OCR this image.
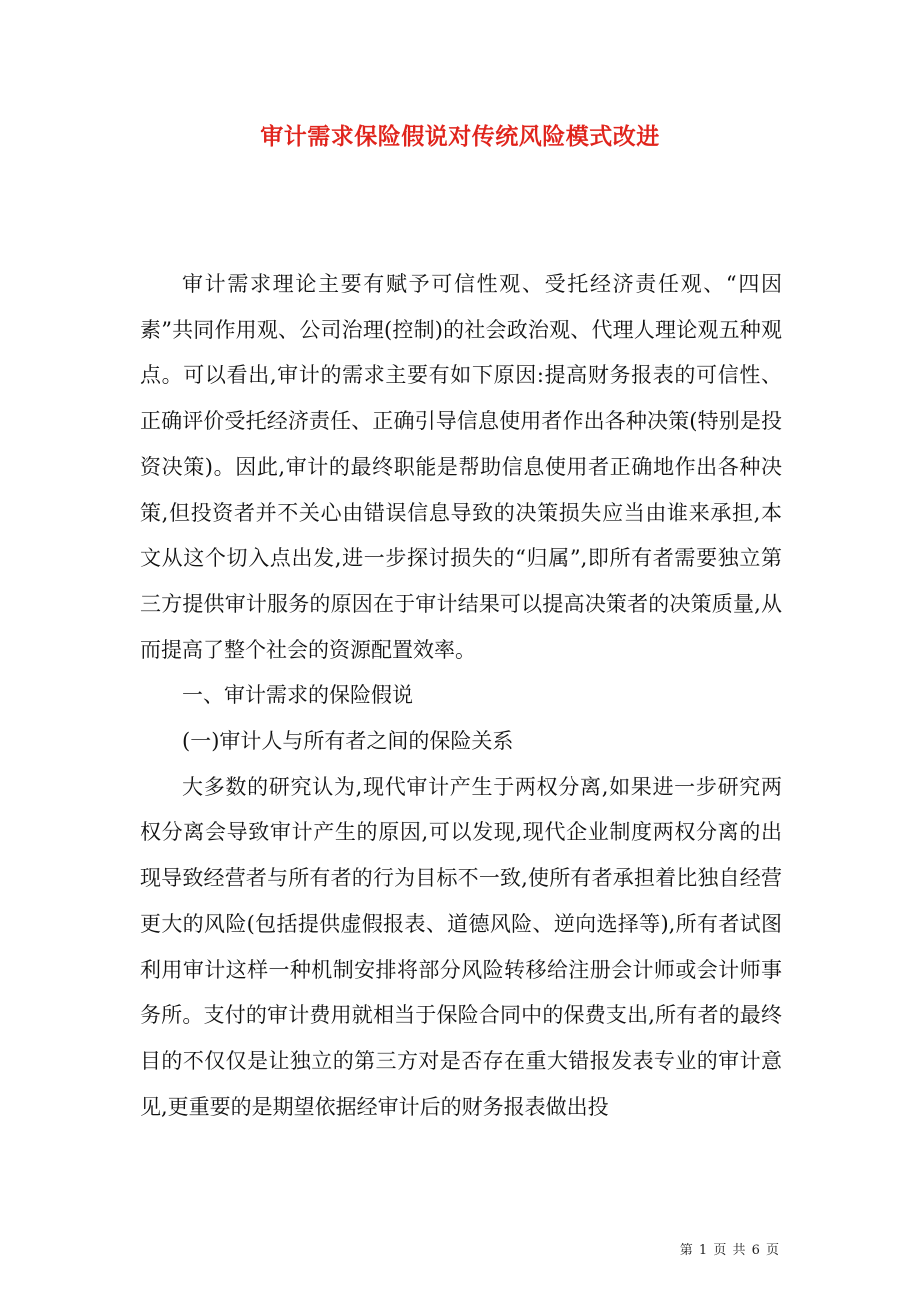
审计需求保险假说对传统风险模式改进

审计需求理论主要有赋予可信性观、受托经济责任观、“四因素”共同作用观、公司治理(控制)的社会政治观、代理人理论观五种观点。可以看出,审计的需求主要有如下原因:提高财务报表的可信性、正确评价受托经济责任、正确引导信息使用者作出各种决策(特别是投资决策)。因此,审计的最终职能是帮助信息使用者正确地作出各种决策,但投资者并不关心由错误信息导致的决策损失应当由谁来承担,本文从这个切入点出发,进一步探讨损失的“归属”,即所有者需要独立第三方提供审计服务的原因在于审计结果可以提高决策者的决策质量,从而提高了整个社会的资源配置效率。

一、审计需求的保险假说

(一)审计人与所有者之间的保险关系

大多数的研究认为,现代审计产生于两权分离,如果进一步研究两权分离会导致审计产生的原因,可以发现,现代企业制度两权分离的出现导致经营者与所有者的行为目标不一致,使所有者承担着比独自经营更大的风险(包括提供虚假报表、道德风险、逆向选择等),所有者试图利用审计这样一种机制安排将部分风险转移给注册会计师或会计师事务所。支付的审计费用就相当于保险合同中的保费支出,所有者的最终目的不仅仅是让独立的第三方对是否存在重大错报发表专业的审计意见,更重要的是期望依据经审计后的财务报表做出投

第 1 页 共 6 页
